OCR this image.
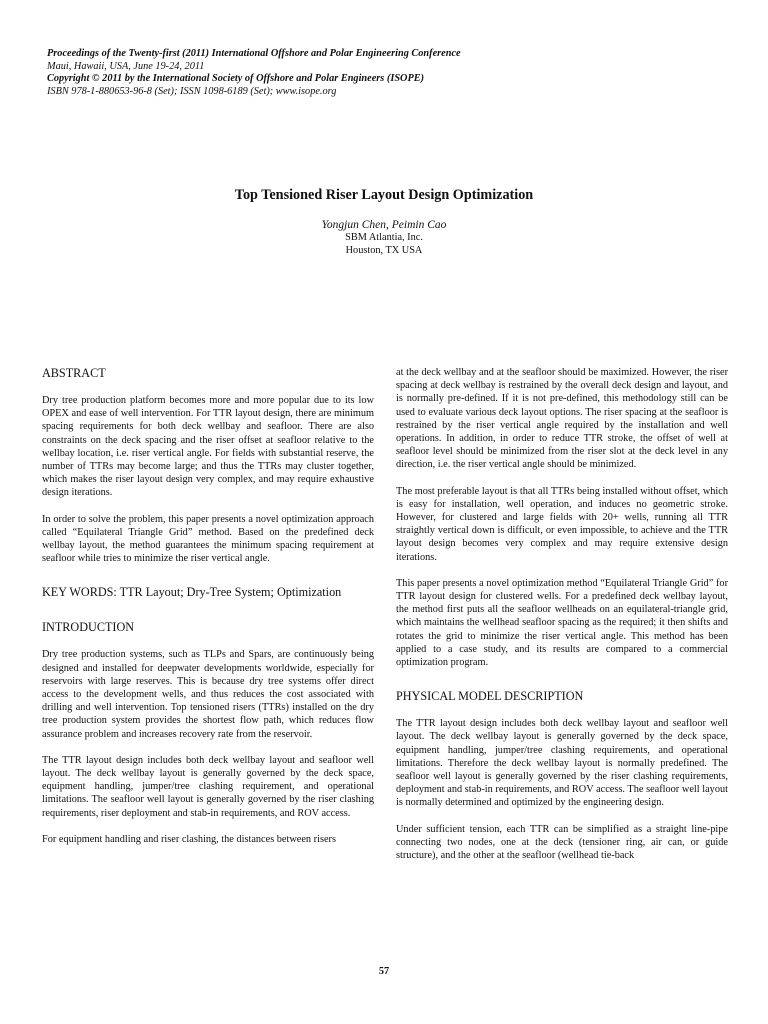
Proceedings of the Twenty-first (2011) International Offshore and Polar Engineering Conference
Maui, Hawaii, USA, June 19-24, 2011
Copyright © 2011 by the International Society of Offshore and Polar Engineers (ISOPE)
ISBN 978-1-880653-96-8 (Set); ISSN 1098-6189 (Set); www.isope.org
Top Tensioned Riser Layout Design Optimization
Yongjun Chen, Peimin Cao
SBM Atlantia, Inc.
Houston, TX USA
ABSTRACT

Dry tree production platform becomes more and more popular due to its low OPEX and ease of well intervention. For TTR layout design, there are minimum spacing requirements for both deck wellbay and seafloor. There are also constraints on the deck spacing and the riser offset at seafloor relative to the wellbay location, i.e. riser vertical angle. For fields with substantial reserve, the number of TTRs may become large; and thus the TTRs may cluster together, which makes the riser layout design very complex, and may require exhaustive design iterations.

In order to solve the problem, this paper presents a novel optimization approach called “Equilateral Triangle Grid” method. Based on the predefined deck wellbay layout, the method guarantees the minimum spacing requirement at seafloor while tries to minimize the riser vertical angle.

KEY WORDS: TTR Layout; Dry-Tree System; Optimization
INTRODUCTION

Dry tree production systems, such as TLPs and Spars, are continuously being designed and installed for deepwater developments worldwide, especially for reservoirs with large reserves. This is because dry tree systems offer direct access to the development wells, and thus reduces the cost associated with drilling and well intervention. Top tensioned risers (TTRs) installed on the dry tree production system provides the shortest flow path, which reduces flow assurance problem and increases recovery rate from the reservoir.

The TTR layout design includes both deck wellbay layout and seafloor well layout. The deck wellbay layout is generally governed by the deck space, equipment handling, jumper/tree clashing requirement, and operational limitations. The seafloor well layout is generally governed by the riser clashing requirements, riser deployment and stab-in requirements, and ROV access.

For equipment handling and riser clashing, the distances between risers

at the deck wellbay and at the seafloor should be maximized. However, the riser spacing at deck wellbay is restrained by the overall deck design and layout, and is normally pre-defined. If it is not pre-defined, this methodology still can be used to evaluate various deck layout options. The riser spacing at the seafloor is restrained by the riser vertical angle required by the installation and well operations. In addition, in order to reduce TTR stroke, the offset of well at seafloor level should be minimized from the riser slot at the deck level in any direction, i.e. the riser vertical angle should be minimized.

The most preferable layout is that all TTRs being installed without offset, which is easy for installation, well operation, and induces no geometric stroke. However, for clustered and large fields with 20+ wells, running all TTR straightly vertical down is difficult, or even impossible, to achieve and the TTR layout design becomes very complex and may require extensive design iterations.

This paper presents a novel optimization method “Equilateral Triangle Grid” for TTR layout design for clustered wells. For a predefined deck wellbay layout, the method first puts all the seafloor wellheads on an equilateral-triangle grid, which maintains the wellhead seafloor spacing as the required; it then shifts and rotates the grid to minimize the riser vertical angle. This method has been applied to a case study, and its results are compared to a commercial optimization program.

PHYSICAL MODEL DESCRIPTION

The TTR layout design includes both deck wellbay layout and seafloor well layout. The deck wellbay layout is generally governed by the deck space, equipment handling, jumper/tree clashing requirements, and operational limitations. Therefore the deck wellbay layout is normally predefined. The seafloor well layout is generally governed by the riser clashing requirements, deployment and stab-in requirements, and ROV access. The seafloor well layout is normally determined and optimized by the engineering design.

Under sufficient tension, each TTR can be simplified as a straight line-pipe connecting two nodes, one at the deck (tensioner ring, air can, or guide structure), and the other at the seafloor (wellhead tie-back

57
